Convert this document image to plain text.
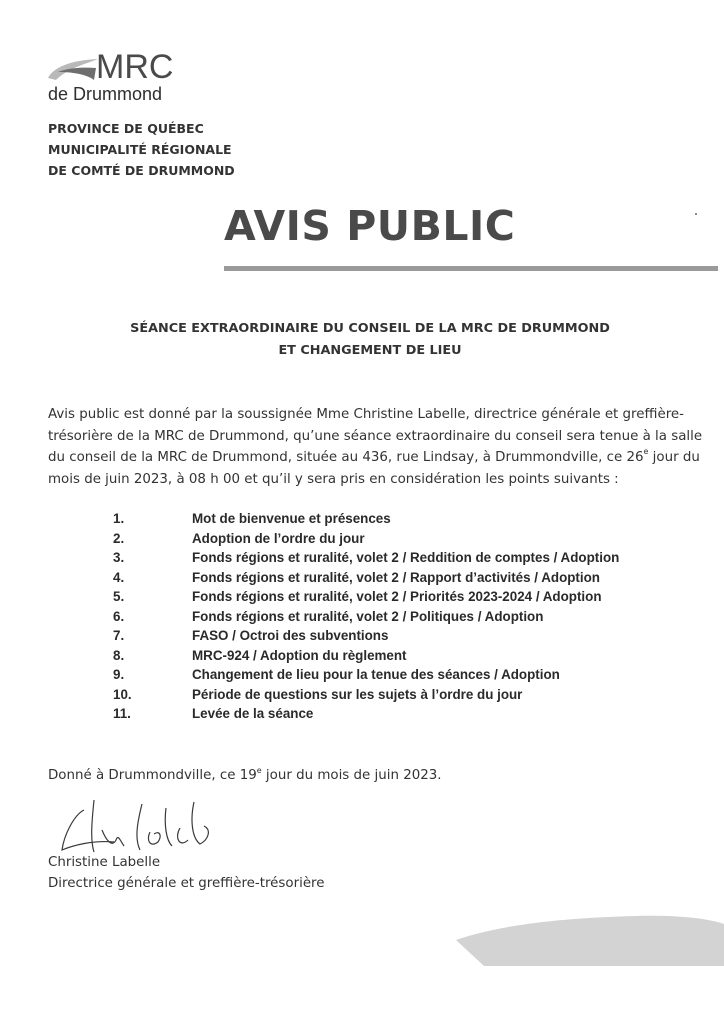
MRC
de Drummond
PROVINCE DE QUÉBEC
MUNICIPALITÉ RÉGIONALE
DE COMTÉ DE DRUMMOND
AVIS PUBLIC
SÉANCE EXTRAORDINAIRE DU CONSEIL DE LA MRC DE DRUMMOND
ET CHANGEMENT DE LIEU
Avis public est donné par la soussignée Mme Christine Labelle, directrice générale et greffière-
trésorière de la MRC de Drummond, qu’une séance extraordinaire du conseil sera tenue à la salle
du conseil de la MRC de Drummond, située au 436, rue Lindsay, à Drummondville, ce 26e jour du
mois de juin 2023, à 08 h 00 et qu’il y sera pris en considération les points suivants :
1.	Mot de bienvenue et présences
2.	Adoption de l’ordre du jour
3.	Fonds régions et ruralité, volet 2 / Reddition de comptes / Adoption
4.	Fonds régions et ruralité, volet 2 / Rapport d’activités / Adoption
5.	Fonds régions et ruralité, volet 2 / Priorités 2023-2024 / Adoption
6.	Fonds régions et ruralité, volet 2 / Politiques / Adoption
7.	FASO / Octroi des subventions
8.	MRC-924 / Adoption du règlement
9.	Changement de lieu pour la tenue des séances / Adoption
10.	Période de questions sur les sujets à l’ordre du jour
11.	Levée de la séance
Donné à Drummondville, ce 19e jour du mois de juin 2023.
Christine Labelle
Directrice générale et greffière-trésorière
